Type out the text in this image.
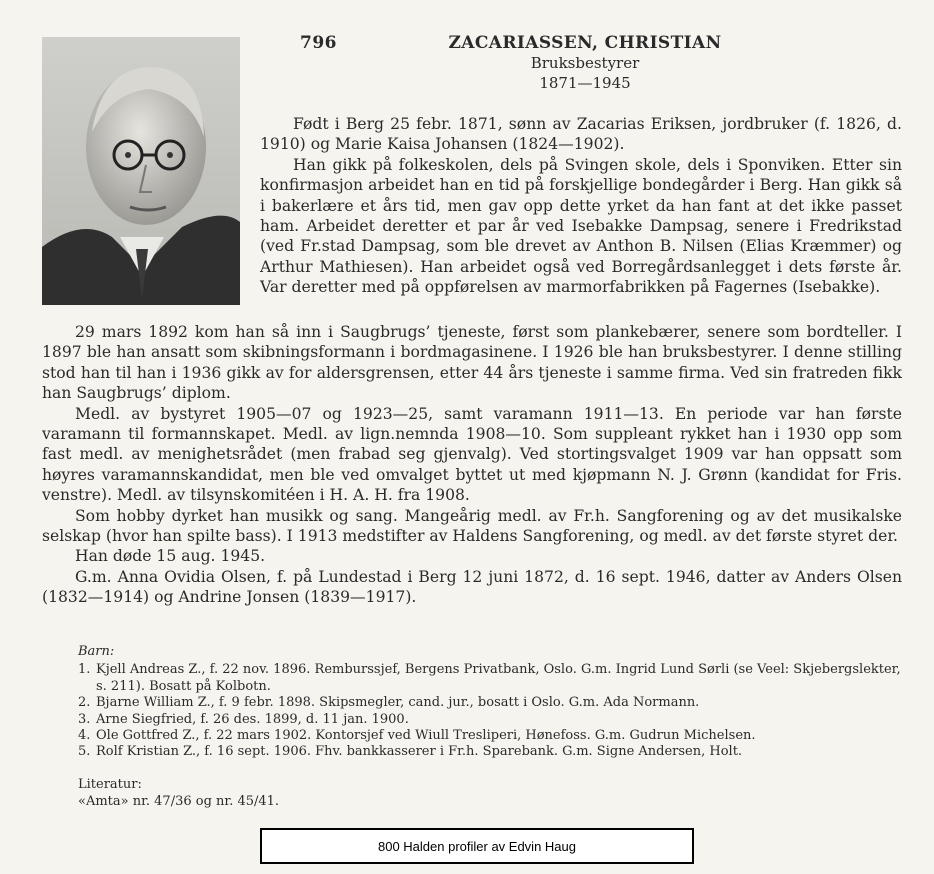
796	ZACARIASSEN, CHRISTIAN
Bruksbestyrer
1871—1945

Født i Berg 25 febr. 1871, sønn av Zacarias Eriksen, jordbruker (f. 1826, d. 1910) og Marie Kaisa Johansen (1824—1902).

Han gikk på folkeskolen, dels på Svingen skole, dels i Sponviken. Etter sin konfirmasjon arbeidet han en tid på forskjellige bondegårder i Berg. Han gikk så i bakerlære et års tid, men gav opp dette yrket da han fant at det ikke passet ham. Arbeidet deretter et par år ved Isebakke Dampsag, senere i Fredrikstad (ved Fr.stad Dampsag, som ble drevet av Anthon B. Nilsen (Elias Kræmmer) og Arthur Mathiesen). Han arbeidet også ved Borregårdsanlegget i dets første år. Var deretter med på oppførelsen av marmorfabrikken på Fagernes (Isebakke).

29 mars 1892 kom han så inn i Saugbrugs’ tjeneste, først som plankebærer, senere som bordteller. I 1897 ble han ansatt som skibningsformann i bordmagasinene. I 1926 ble han bruksbestyrer. I denne stilling stod han til han i 1936 gikk av for aldersgrensen, etter 44 års tjeneste i samme firma. Ved sin fratreden fikk han Saugbrugs’ diplom.

Medl. av bystyret 1905—07 og 1923—25, samt varamann 1911—13. En periode var han første varamann til formannskapet. Medl. av lign.nemnda 1908—10. Som suppleant rykket han i 1930 opp som fast medl. av menighetsrådet (men frabad seg gjenvalg). Ved stortingsvalget 1909 var han oppsatt som høyres varamannskandidat, men ble ved omvalget byttet ut med kjøpmann N. J. Grønn (kandidat for Fris. venstre). Medl. av tilsynskomitéen i H. A. H. fra 1908.

Som hobby dyrket han musikk og sang. Mangeårig medl. av Fr.h. Sangforening og av det musikalske selskap (hvor han spilte bass). I 1913 medstifter av Haldens Sangforening, og medl. av det første styret der.

Han døde 15 aug. 1945.

G.m. Anna Ovidia Olsen, f. på Lundestad i Berg 12 juni 1872, d. 16 sept. 1946, datter av Anders Olsen (1832—1914) og Andrine Jonsen (1839—1917).

Barn:
1. Kjell Andreas Z., f. 22 nov. 1896. Remburssjef, Bergens Privatbank, Oslo. G.m. Ingrid Lund Sørli (se Veel: Skjebergslekter, s. 211). Bosatt på Kolbotn.
2. Bjarne William Z., f. 9 febr. 1898. Skipsmegler, cand. jur., bosatt i Oslo. G.m. Ada Normann.
3. Arne Siegfried, f. 26 des. 1899, d. 11 jan. 1900.
4. Ole Gottfred Z., f. 22 mars 1902. Kontorsjef ved Wiull Tresliperi, Hønefoss. G.m. Gudrun Michelsen.
5. Rolf Kristian Z., f. 16 sept. 1906. Fhv. bankkasserer i Fr.h. Sparebank. G.m. Signe Andersen, Holt.
Literatur:
«Amta» nr. 47/36 og nr. 45/41.
800 Halden profiler av Edvin Haug
